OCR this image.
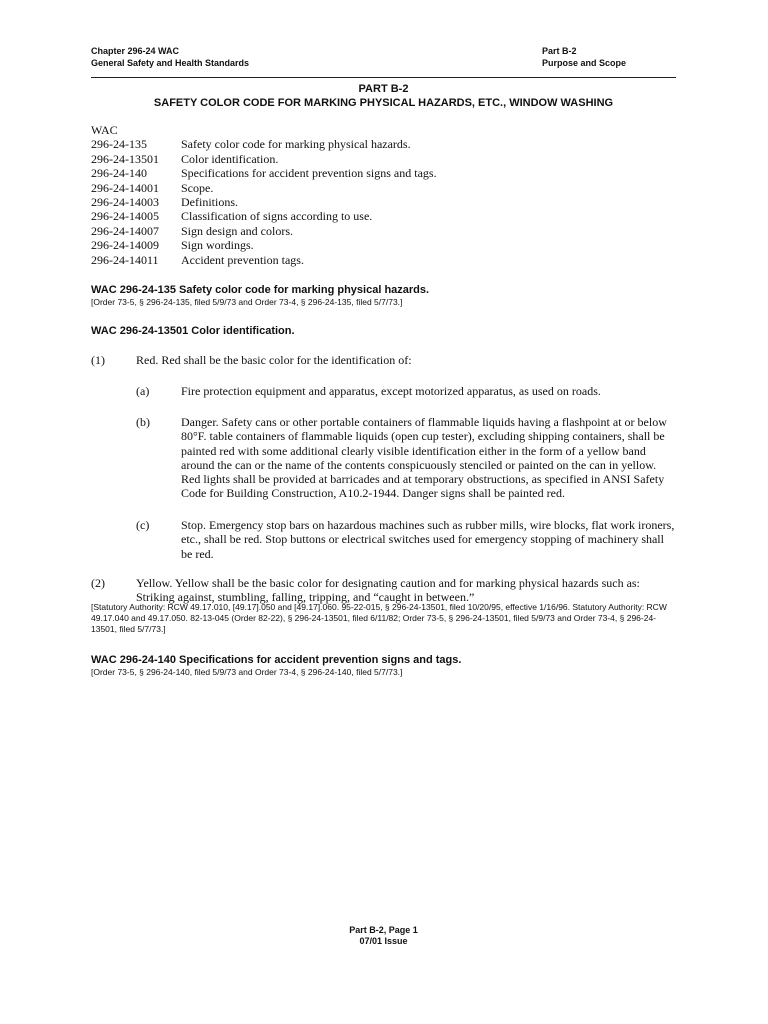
Chapter 296-24 WAC
General Safety and Health Standards
Part B-2
Purpose and Scope
PART B-2
SAFETY COLOR CODE FOR MARKING PHYSICAL HAZARDS, ETC., WINDOW WASHING
WAC
296-24-135	Safety color code for marking physical hazards.
296-24-13501	Color identification.
296-24-140	Specifications for accident prevention signs and tags.
296-24-14001	Scope.
296-24-14003	Definitions.
296-24-14005	Classification of signs according to use.
296-24-14007	Sign design and colors.
296-24-14009	Sign wordings.
296-24-14011	Accident prevention tags.
WAC 296-24-135 Safety color code for marking physical hazards.
[Order 73-5, § 296-24-135, filed 5/9/73 and Order 73-4, § 296-24-135, filed 5/7/73.]
WAC 296-24-13501 Color identification.
(1)	Red. Red shall be the basic color for the identification of:
(a)	Fire protection equipment and apparatus, except motorized apparatus, as used on roads.
(b)	Danger. Safety cans or other portable containers of flammable liquids having a flashpoint at or below 80°F. table containers of flammable liquids (open cup tester), excluding shipping containers, shall be painted red with some additional clearly visible identification either in the form of a yellow band around the can or the name of the contents conspicuously stenciled or painted on the can in yellow. Red lights shall be provided at barricades and at temporary obstructions, as specified in ANSI Safety Code for Building Construction, A10.2-1944. Danger signs shall be painted red.
(c)	Stop. Emergency stop bars on hazardous machines such as rubber mills, wire blocks, flat work ironers, etc., shall be red. Stop buttons or electrical switches used for emergency stopping of machinery shall be red.
(2)	Yellow. Yellow shall be the basic color for designating caution and for marking physical hazards such as: Striking against, stumbling, falling, tripping, and “caught in between.”
[Statutory Authority: RCW 49.17.010, [49.17].050 and [49.17].060. 95-22-015, § 296-24-13501, filed 10/20/95, effective 1/16/96. Statutory Authority: RCW 49.17.040 and 49.17.050. 82-13-045 (Order 82-22), § 296-24-13501, filed 6/11/82; Order 73-5, § 296-24-13501, filed 5/9/73 and Order 73-4, § 296-24-13501, filed 5/7/73.]
WAC 296-24-140 Specifications for accident prevention signs and tags.
[Order 73-5, § 296-24-140, filed 5/9/73 and Order 73-4, § 296-24-140, filed 5/7/73.]
Part B-2, Page 1
07/01 Issue
